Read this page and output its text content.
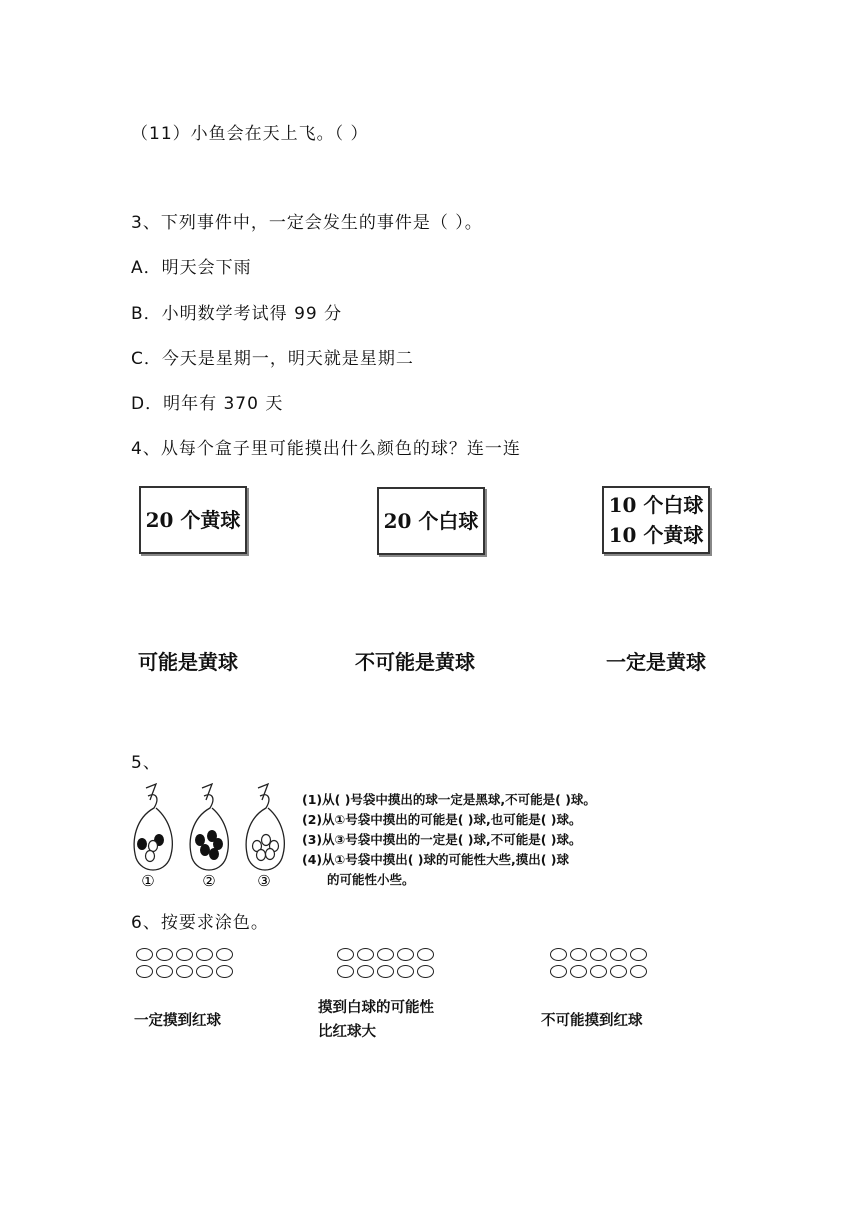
（11）小鱼会在天上飞。（ ）
3、下列事件中，一定会发生的事件是（ ）。
A．明天会下雨
B．小明数学考试得 99 分
C．今天是星期一，明天就是星期二
D．明年有 370 天
4、从每个盒子里可能摸出什么颜色的球？连一连
20 个黄球	20 个白球
10 个白球
10 个黄球
可能是黄球	不可能是黄球	一定是黄球
5、
①	②	③
(1)从( )号袋中摸出的球一定是黑球,不可能是( )球。
(2)从①号袋中摸出的可能是( )球,也可能是( )球。
(3)从③号袋中摸出的一定是( )球,不可能是( )球。
(4)从①号袋中摸出( )球的可能性大些,摸出( )球
的可能性小些。
6、按要求涂色。
一定摸到红球
摸到白球的可能性
比红球大
不可能摸到红球
